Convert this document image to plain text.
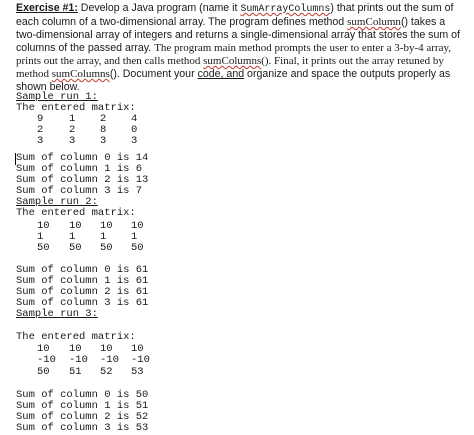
Exercise #1: Develop a Java program (name it SumArrayColumns) that prints out the sum of each column of a two-dimensional array. The program defines method sumColumn() takes a two-dimensional array of integers and returns a single-dimensional array that stores the sum of columns of the passed array. The program main method prompts the user to enter a 3-by-4 array, prints out the array, and then calls method sumColumns(). Final, it prints out the array retuned by method sumColumns(). Document your code, and organize and space the outputs properly as shown below.
Sample run 1:
The entered matrix:
9 1 2 4
2 2 8 0
3 3 3 3
Sum of column 0 is 14
Sum of column 1 is 6
Sum of column 2 is 13
Sum of column 3 is 7
Sample run 2:
The entered matrix:
10 10 10 10
1 1 1 1
50 50 50 50
Sum of column 0 is 61
Sum of column 1 is 61
Sum of column 2 is 61
Sum of column 3 is 61
Sample run 3:
The entered matrix:
10 10 10 10
-10 -10 -10 -10
50 51 52 53
Sum of column 0 is 50
Sum of column 1 is 51
Sum of column 2 is 52
Sum of column 3 is 53
